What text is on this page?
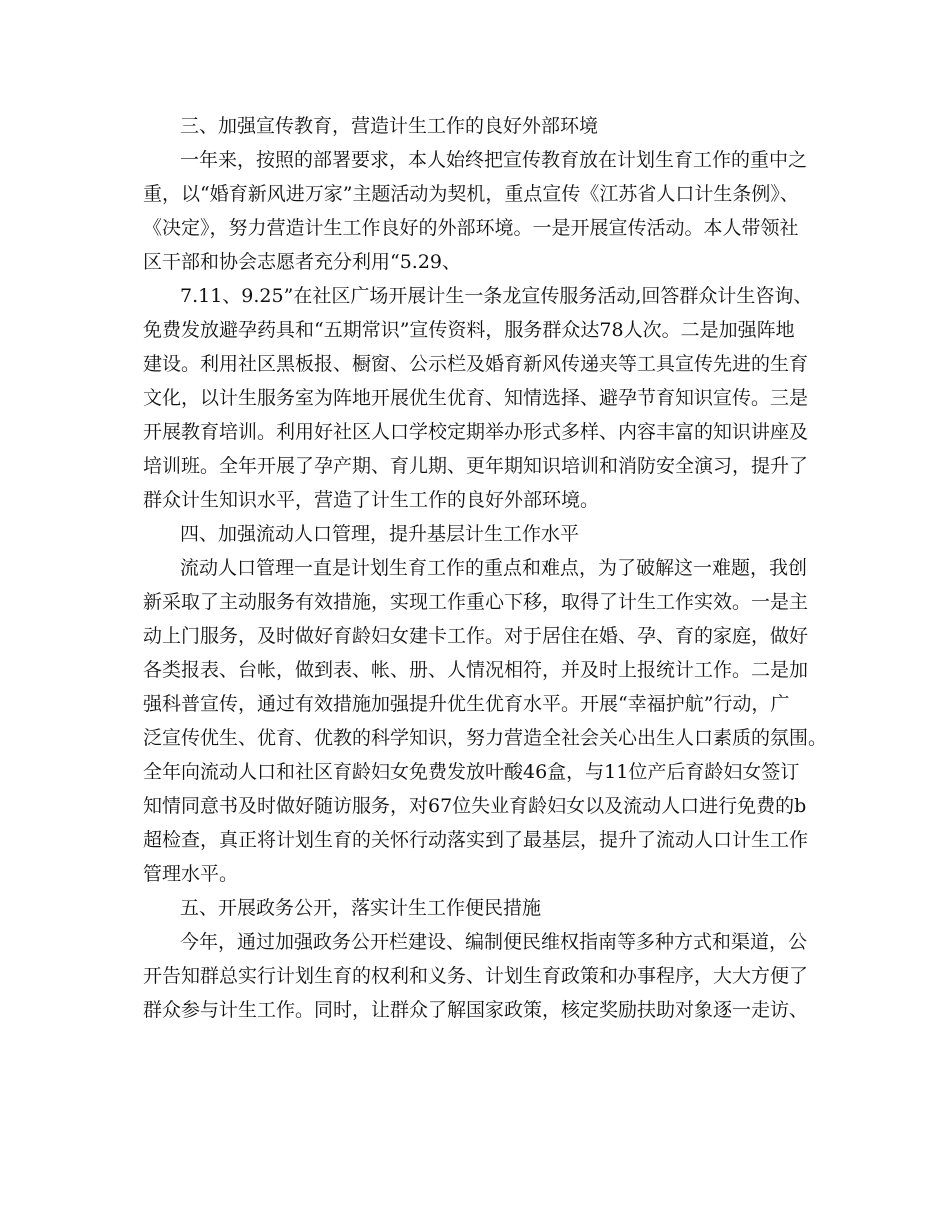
三、加强宣传教育，营造计生工作的良好外部环境
一年来，按照的部署要求，本人始终把宣传教育放在计划生育工作的重中之
重，以“婚育新风进万家”主题活动为契机，重点宣传《江苏省人口计生条例》、
《决定》，努力营造计生工作良好的外部环境。一是开展宣传活动。本人带领社
区干部和协会志愿者充分利用“5.29、
7.11、9.25”在社区广场开展计生一条龙宣传服务活动,回答群众计生咨询、
免费发放避孕药具和“五期常识”宣传资料，服务群众达78人次。二是加强阵地
建设。利用社区黑板报、橱窗、公示栏及婚育新风传递夹等工具宣传先进的生育
文化，以计生服务室为阵地开展优生优育、知情选择、避孕节育知识宣传。三是
开展教育培训。利用好社区人口学校定期举办形式多样、内容丰富的知识讲座及
培训班。全年开展了孕产期、育儿期、更年期知识培训和消防安全演习，提升了
群众计生知识水平，营造了计生工作的良好外部环境。
四、加强流动人口管理，提升基层计生工作水平
流动人口管理一直是计划生育工作的重点和难点，为了破解这一难题，我创
新采取了主动服务有效措施，实现工作重心下移，取得了计生工作实效。一是主
动上门服务，及时做好育龄妇女建卡工作。对于居住在婚、孕、育的家庭，做好
各类报表、台帐，做到表、帐、册、人情况相符，并及时上报统计工作。二是加
强科普宣传，通过有效措施加强提升优生优育水平。开展“幸福护航”行动，广
泛宣传优生、优育、优教的科学知识，努力营造全社会关心出生人口素质的氛围。
全年向流动人口和社区育龄妇女免费发放叶酸46盒，与11位产后育龄妇女签订
知情同意书及时做好随访服务，对67位失业育龄妇女以及流动人口进行免费的b
超检查，真正将计划生育的关怀行动落实到了最基层，提升了流动人口计生工作
管理水平。
五、开展政务公开，落实计生工作便民措施
今年，通过加强政务公开栏建设、编制便民维权指南等多种方式和渠道，公
开告知群总实行计划生育的权利和义务、计划生育政策和办事程序，大大方便了
群众参与计生工作。同时，让群众了解国家政策，核定奖励扶助对象逐一走访、
